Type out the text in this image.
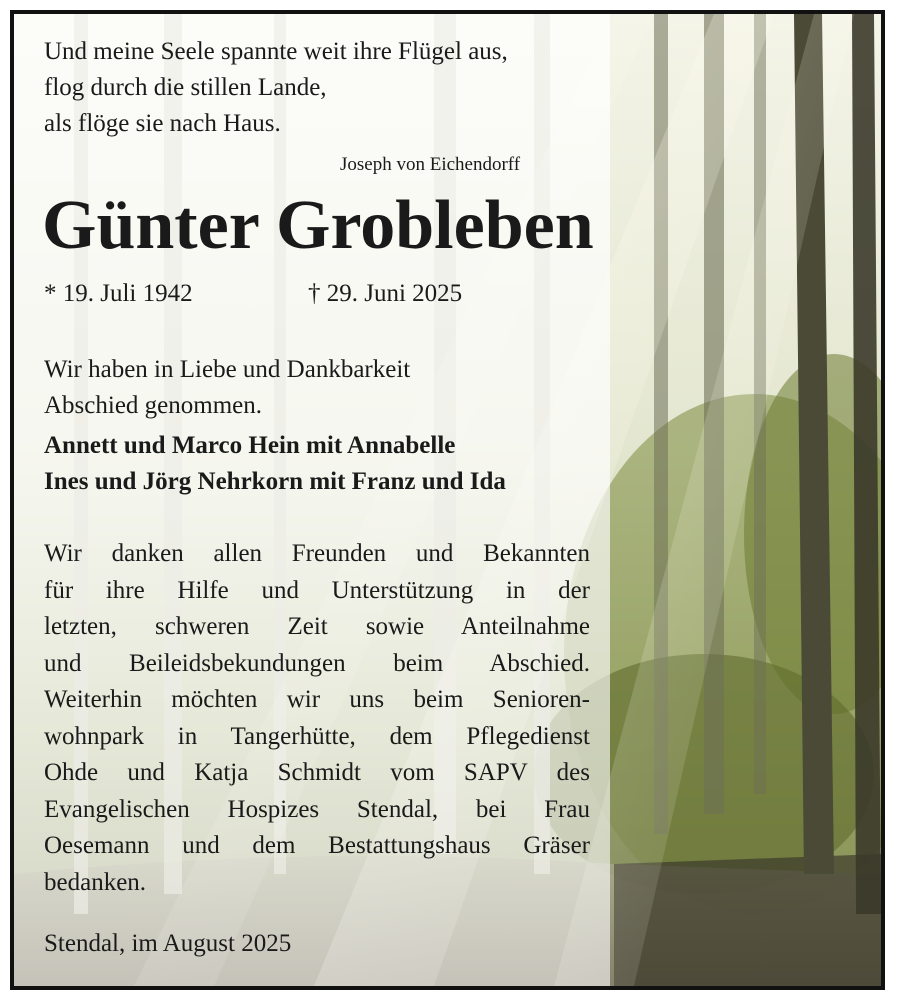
Und meine Seele spannte weit ihre Flügel aus,
flog durch die stillen Lande,
als flöge sie nach Haus.
Joseph von Eichendorff
Günter Grobleben
* 19. Juli 1942	† 29. Juni 2025
Wir haben in Liebe und Dankbarkeit
Abschied genommen.
Annett und Marco Hein mit Annabelle
Ines und Jörg Nehrkorn mit Franz und Ida
Wir danken allen Freunden und Bekannten
für ihre Hilfe und Unterstützung in der
letzten, schweren Zeit sowie Anteilnahme
und Beileidsbekundungen beim Abschied.
Weiterhin möchten wir uns beim Senioren-
wohnpark in Tangerhütte, dem Pflegedienst
Ohde und Katja Schmidt vom SAPV des
Evangelischen Hospizes Stendal, bei Frau
Oesemann und dem Bestattungshaus Gräser
bedanken.
Stendal, im August 2025
